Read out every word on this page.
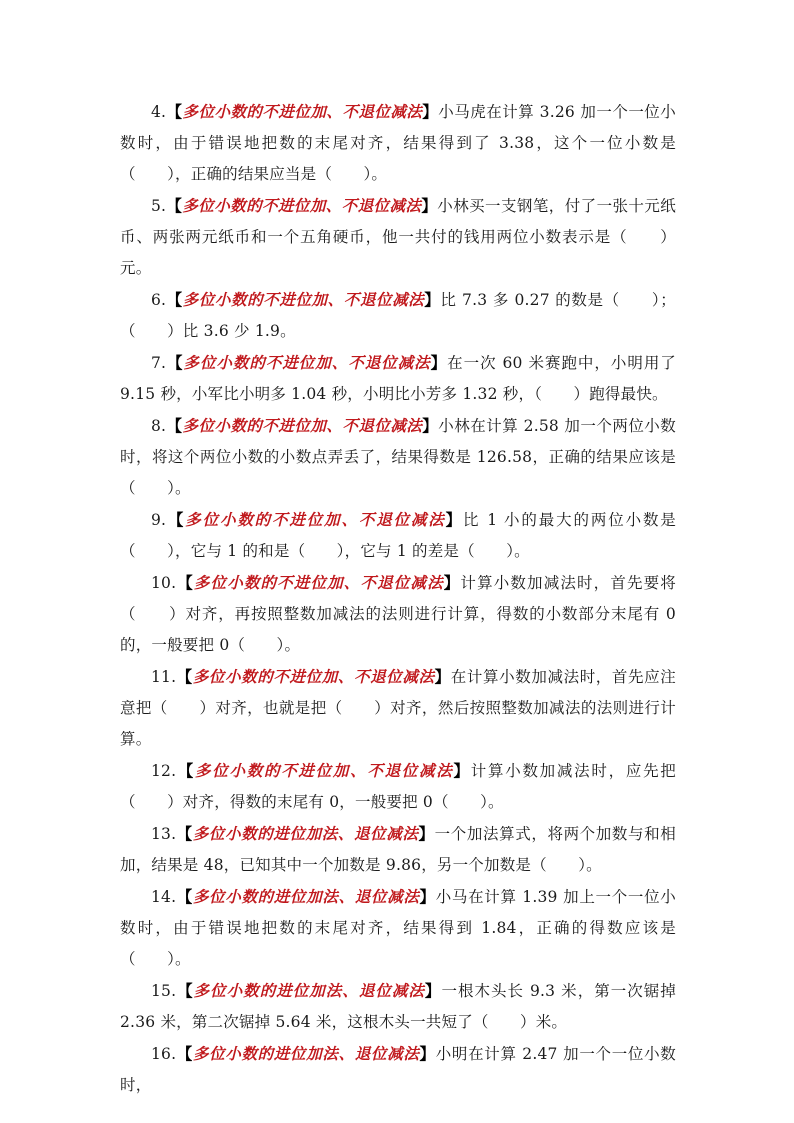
4.【多位小数的不进位加、不退位减法】小马虎在计算 3.26 加一个一位小数时，由于错误地把数的末尾对齐，结果得到了 3.38，这个一位小数是（　　），正确的结果应当是（　　）。

5.【多位小数的不进位加、不退位减法】小林买一支钢笔，付了一张十元纸币、两张两元纸币和一个五角硬币，他一共付的钱用两位小数表示是（　　）元。

6.【多位小数的不进位加、不退位减法】比 7.3 多 0.27 的数是（　　）；（　　）比 3.6 少 1.9。

7.【多位小数的不进位加、不退位减法】在一次 60 米赛跑中，小明用了 9.15 秒，小军比小明多 1.04 秒，小明比小芳多 1.32 秒，（　　）跑得最快。

8.【多位小数的不进位加、不退位减法】小林在计算 2.58 加一个两位小数时，将这个两位小数的小数点弄丢了，结果得数是 126.58，正确的结果应该是（　　）。

9.【多位小数的不进位加、不退位减法】比 1 小的最大的两位小数是（　　），它与 1 的和是（　　），它与 1 的差是（　　）。

10.【多位小数的不进位加、不退位减法】计算小数加减法时，首先要将（　　）对齐，再按照整数加减法的法则进行计算，得数的小数部分末尾有 0 的，一般要把 0（　　）。

11.【多位小数的不进位加、不退位减法】在计算小数加减法时，首先应注意把（　　）对齐，也就是把（　　）对齐，然后按照整数加减法的法则进行计算。

12.【多位小数的不进位加、不退位减法】计算小数加减法时，应先把（　　）对齐，得数的末尾有 0，一般要把 0（　　）。

13.【多位小数的进位加法、退位减法】一个加法算式，将两个加数与和相加，结果是 48，已知其中一个加数是 9.86，另一个加数是（　　）。

14.【多位小数的进位加法、退位减法】小马在计算 1.39 加上一个一位小数时，由于错误地把数的末尾对齐，结果得到 1.84，正确的得数应该是（　　）。

15.【多位小数的进位加法、退位减法】一根木头长 9.3 米，第一次锯掉 2.36 米，第二次锯掉 5.64 米，这根木头一共短了（　　）米。

16.【多位小数的进位加法、退位减法】小明在计算 2.47 加一个一位小数时，
